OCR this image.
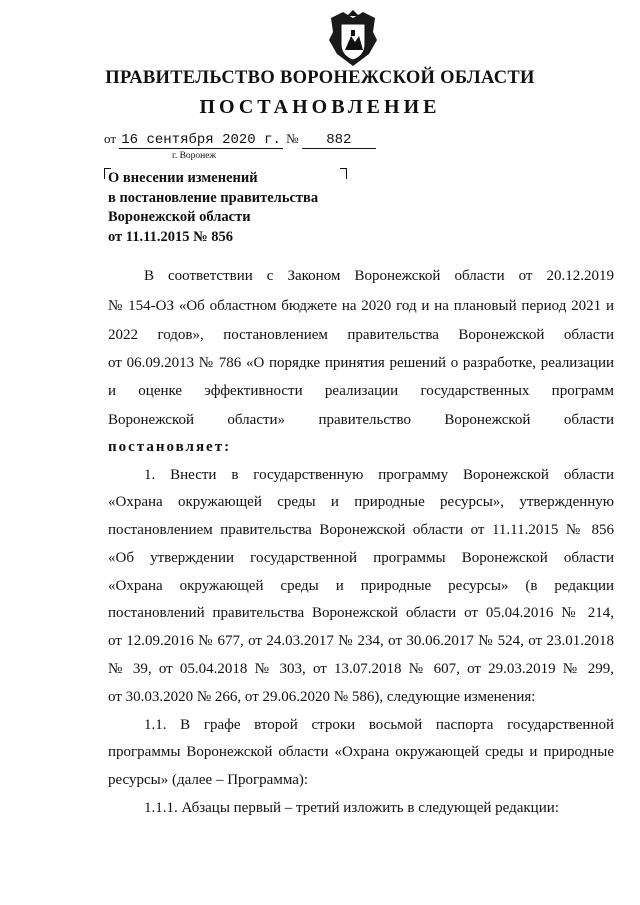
ПРАВИТЕЛЬСТВО ВОРОНЕЖСКОЙ ОБЛАСТИ
ПОСТАНОВЛЕНИЕ
от 16 сентября 2020 г. № 882
г. Воронеж
О внесении изменений
в постановление правительства
Воронежской области
от 11.11.2015 № 856
В соответствии с Законом Воронежской области от 20.12.2019
№ 154-ОЗ «Об областном бюджете на 2020 год и на плановый период 2021 и
2022 годов», постановлением правительства Воронежской области
от 06.09.2013 № 786 «О порядке принятия решений о разработке, реализации
и оценке эффективности реализации государственных программ
Воронежской области» правительство Воронежской области
постановляет:
1. Внести в государственную программу Воронежской области
«Охрана окружающей среды и природные ресурсы», утвержденную
постановлением правительства Воронежской области от 11.11.2015 № 856
«Об утверждении государственной программы Воронежской области
«Охрана окружающей среды и природные ресурсы» (в редакции
постановлений правительства Воронежской области от 05.04.2016 № 214,
от 12.09.2016 № 677, от 24.03.2017 № 234, от 30.06.2017 № 524, от 23.01.2018
№ 39, от 05.04.2018 № 303, от 13.07.2018 № 607, от 29.03.2019 № 299,
от 30.03.2020 № 266, от 29.06.2020 № 586), следующие изменения:
1.1. В графе второй строки восьмой паспорта государственной
программы Воронежской области «Охрана окружающей среды и природные
ресурсы» (далее – Программа):
1.1.1. Абзацы первый – третий изложить в следующей редакции:
